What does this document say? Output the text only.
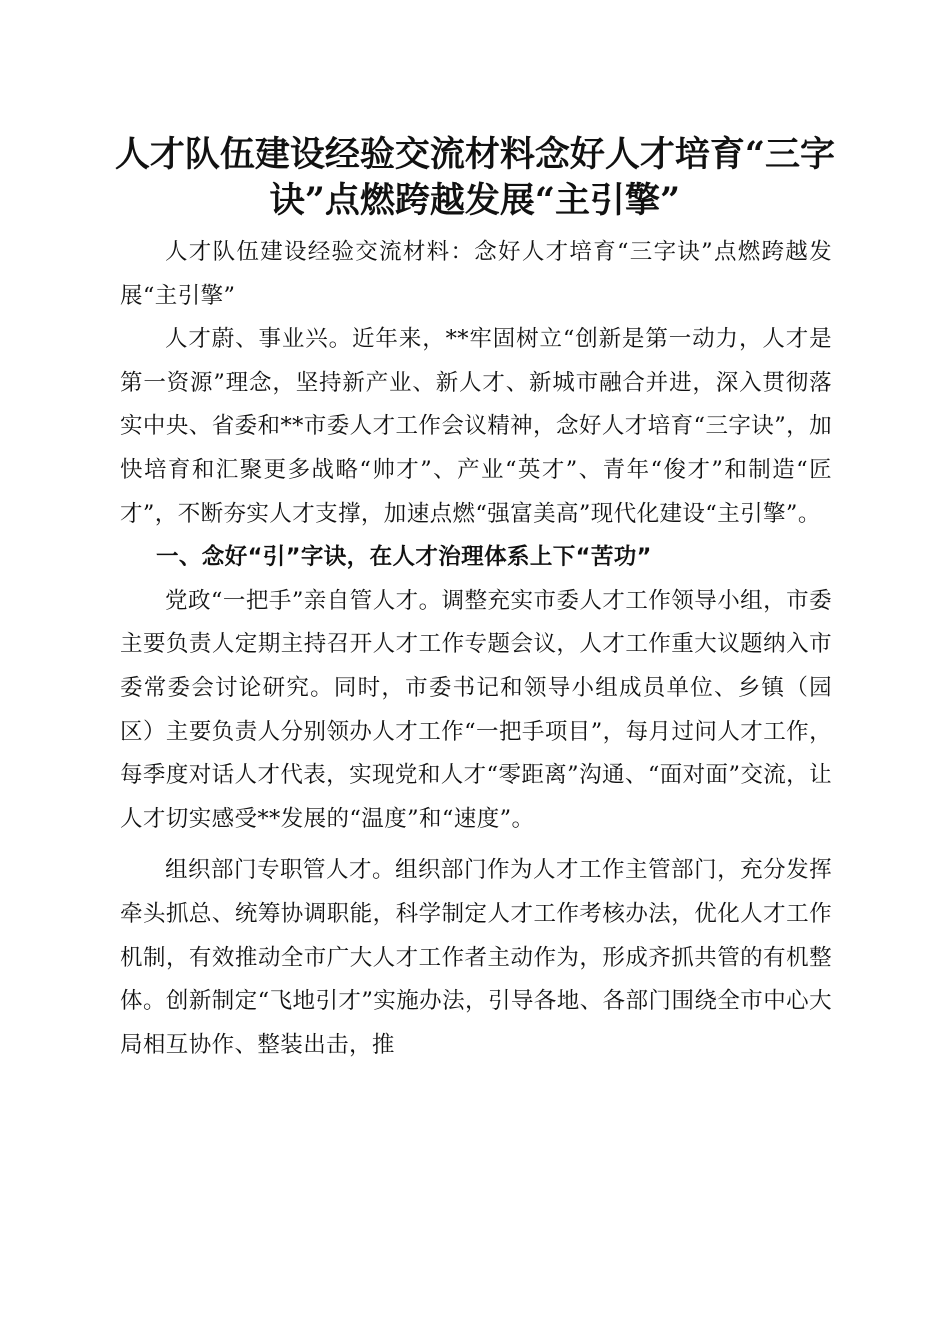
人才队伍建设经验交流材料念好人才培育“三字诀”点燃跨越发展“主引擎”

人才队伍建设经验交流材料：念好人才培育“三字诀”点燃跨越发展“主引擎”

人才蔚、事业兴。近年来，**牢固树立“创新是第一动力，人才是第一资源”理念，坚持新产业、新人才、新城市融合并进，深入贯彻落实中央、省委和**市委人才工作会议精神，念好人才培育“三字诀”，加快培育和汇聚更多战略“帅才”、产业“英才”、青年“俊才”和制造“匠才”，不断夯实人才支撑，加速点燃“强富美高”现代化建设“主引擎”。

一、念好“引”字诀，在人才治理体系上下“苦功”

党政“一把手”亲自管人才。调整充实市委人才工作领导小组，市委主要负责人定期主持召开人才工作专题会议，人才工作重大议题纳入市委常委会讨论研究。同时，市委书记和领导小组成员单位、乡镇（园区）主要负责人分别领办人才工作“一把手项目”，每月过问人才工作，每季度对话人才代表，实现党和人才“零距离”沟通、“面对面”交流，让人才切实感受**发展的“温度”和“速度”。

组织部门专职管人才。组织部门作为人才工作主管部门，充分发挥牵头抓总、统筹协调职能，科学制定人才工作考核办法，优化人才工作机制，有效推动全市广大人才工作者主动作为，形成齐抓共管的有机整体。创新制定“飞地引才”实施办法，引导各地、各部门围绕全市中心大局相互协作、整装出击，推
